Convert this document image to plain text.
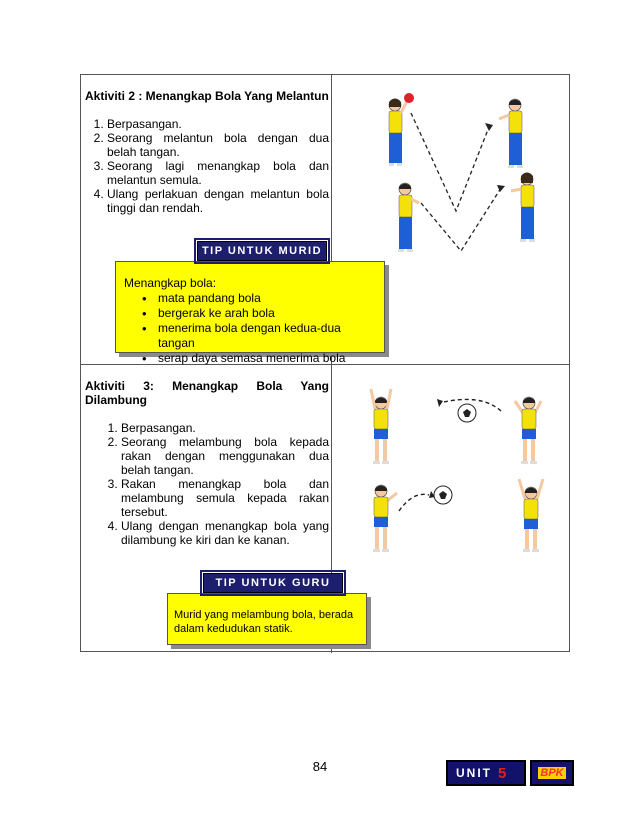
Aktiviti 2 : Menangkap Bola Yang Melantun

1. Berpasangan.
2. Seorang melantun bola dengan dua belah tangan.
3. Seorang lagi menangkap bola dan melantun semula.
4. Ulang perlakuan dengan melantun bola tinggi dan rendah.
TIP UNTUK MURID

Menangkap bola:

• mata pandang bola
• bergerak ke arah bola
• menerima bola dengan kedua-dua tangan
• serap daya semasa menerima bola

Aktiviti 3: Menangkap Bola Yang Dilambung

1. Berpasangan.
2. Seorang melambung bola kepada rakan dengan menggunakan dua belah tangan.
3. Rakan menangkap bola dan melambung semula kepada rakan tersebut.
4. Ulang dengan menangkap bola yang dilambung ke kiri dan ke kanan.
TIP UNTUK GURU

Murid yang melambung bola, berada dalam kedudukan statik.

84	UNIT 5	BPK
